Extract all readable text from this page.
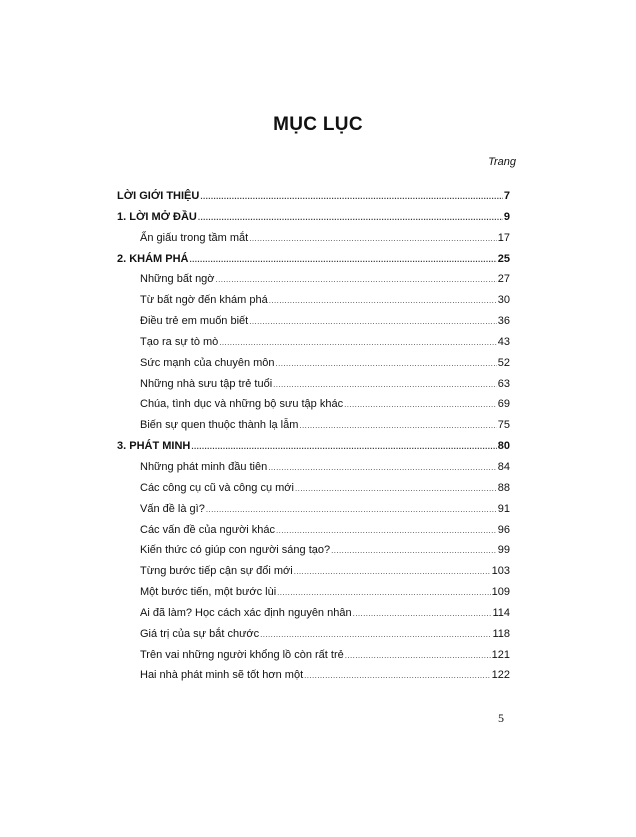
MỤC LỤC
Trang
LỜI GIỚI THIỆU .....	7
1. LỜI MỞ ĐẦU .....	9
Ẩn giấu trong tầm mắt .....	17
2. KHÁM PHÁ .....	25
Những bất ngờ .....	27
Từ bất ngờ đến khám phá .....	30
Điều trẻ em muốn biết .....	36
Tạo ra sự tò mò .....	43
Sức mạnh của chuyên môn .....	52
Những nhà sưu tập trẻ tuổi .....	63
Chúa, tình dục và những bộ sưu tập khác .....	69
Biến sự quen thuộc thành lạ lẫm .....	75
3. PHÁT MINH .....	80
Những phát minh đầu tiên .....	84
Các công cụ cũ và công cụ mới .....	88
Vấn đề là gì? .....	91
Các vấn đề của người khác .....	96
Kiến thức có giúp con người sáng tạo? .....	99
Từng bước tiếp cận sự đổi mới .....	103
Một bước tiến, một bước lùi .....	109
Ai đã làm? Học cách xác định nguyên nhân .....	114
Giá trị của sự bắt chước .....	118
Trên vai những người khổng lồ còn rất trẻ .....	121
Hai nhà phát minh sẽ tốt hơn một .....	122
5
